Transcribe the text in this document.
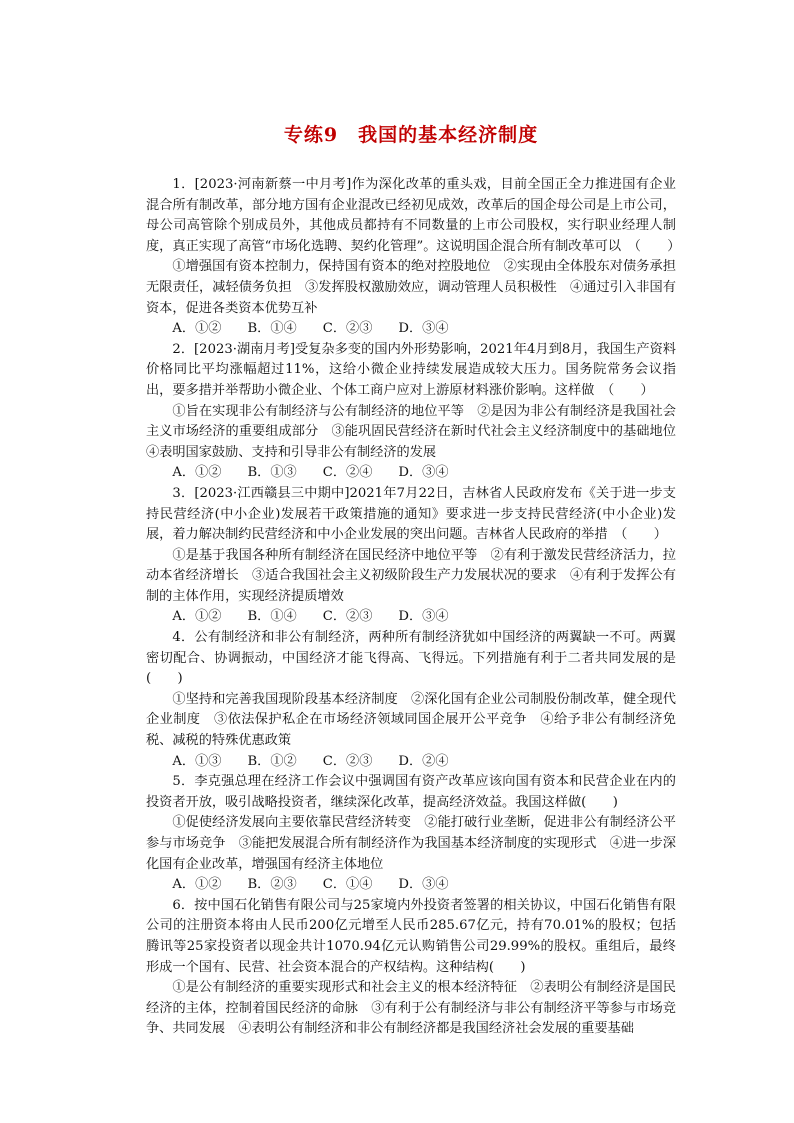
专练9　我国的基本经济制度

1．[2023·河南新蔡一中月考]作为深化改革的重头戏，目前全国正全力推进国有企业混合所有制改革，部分地方国有企业混改已经初见成效，改革后的国企母公司是上市公司，母公司高管除个别成员外，其他成员都持有不同数量的上市公司股权，实行职业经理人制度，真正实现了高管“市场化选聘、契约化管理”。这说明国企混合所有制改革可以　（　　）

①增强国有资本控制力，保持国有资本的绝对控股地位　②实现由全体股东对债务承担无限责任，减轻债务负担　③发挥股权激励效应，调动管理人员积极性　④通过引入非国有资本，促进各类资本优势互补

A．①② B．①④ C．②③ D．③④

2．[2023·湖南月考]受复杂多变的国内外形势影响，2021年4月到8月，我国生产资料价格同比平均涨幅超过11%，这给小微企业持续发展造成较大压力。国务院常务会议指出，要多措并举帮助小微企业、个体工商户应对上游原材料涨价影响。这样做　（　　）

①旨在实现非公有制经济与公有制经济的地位平等　②是因为非公有制经济是我国社会主义市场经济的重要组成部分　③能巩固民营经济在新时代社会主义经济制度中的基础地位　④表明国家鼓励、支持和引导非公有制经济的发展

A．①② B．①③ C．②④ D．③④

3．[2023·江西赣县三中期中]2021年7月22日，吉林省人民政府发布《关于进一步支持民营经济(中小企业)发展若干政策措施的通知》要求进一步支持民营经济(中小企业)发展，着力解决制约民营经济和中小企业发展的突出问题。吉林省人民政府的举措　（　　）

①是基于我国各种所有制经济在国民经济中地位平等　②有利于激发民营经济活力，拉动本省经济增长　③适合我国社会主义初级阶段生产力发展状况的要求　④有利于发挥公有制的主体作用，实现经济提质增效

A．①② B．①④ C．②③ D．③④

4．公有制经济和非公有制经济，两种所有制经济犹如中国经济的两翼缺一不可。两翼密切配合、协调振动，中国经济才能飞得高、飞得远。下列措施有利于二者共同发展的是(　　)

①坚持和完善我国现阶段基本经济制度　②深化国有企业公司制股份制改革，健全现代企业制度　③依法保护私企在市场经济领域同国企展开公平竞争　④给予非公有制经济免税、减税的特殊优惠政策

A．①③ B．①② C．②③ D．②④

5．李克强总理在经济工作会议中强调国有资产改革应该向国有资本和民营企业在内的投资者开放，吸引战略投资者，继续深化改革，提高经济效益。我国这样做(　　)

①促使经济发展向主要依靠民营经济转变　②能打破行业垄断，促进非公有制经济公平参与市场竞争　③能把发展混合所有制经济作为我国基本经济制度的实现形式　④进一步深化国有企业改革，增强国有经济主体地位

A．①② B．②③ C．①④ D．③④

6．按中国石化销售有限公司与25家境内外投资者签署的相关协议，中国石化销售有限公司的注册资本将由人民币200亿元增至人民币285.67亿元，持有70.01%的股权；包括腾讯等25家投资者以现金共计1070.94亿元认购销售公司29.99%的股权。重组后，最终形成一个国有、民营、社会资本混合的产权结构。这种结构(　　)

①是公有制经济的重要实现形式和社会主义的根本经济特征　②表明公有制经济是国民经济的主体，控制着国民经济的命脉　③有利于公有制经济与非公有制经济平等参与市场竞争、共同发展　④表明公有制经济和非公有制经济都是我国经济社会发展的重要基础
